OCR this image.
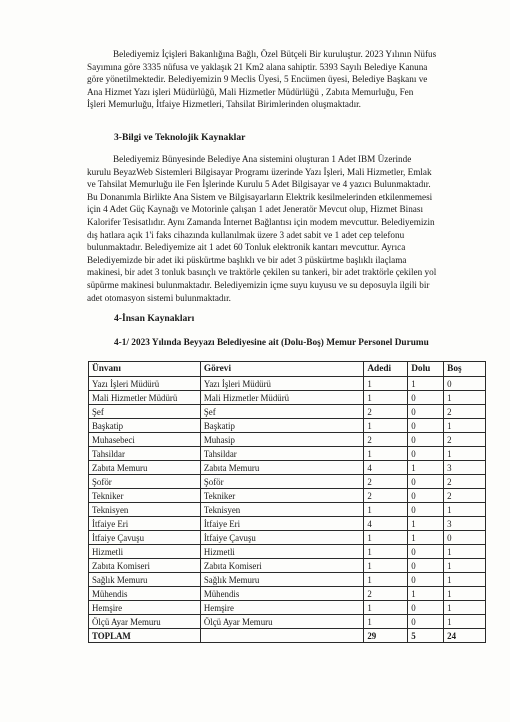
Belediyemiz İçişleri Bakanlığına Bağlı, Özel Bütçeli Bir kuruluştur. 2023 Yılının Nüfus
Sayımına göre 3335 nüfusa ve yaklaşık 21 Km2 alana sahiptir. 5393 Sayılı Belediye Kanuna
göre yönetilmektedir. Belediyemizin 9 Meclis Üyesi, 5 Encümen üyesi, Belediye Başkanı ve
Ana Hizmet Yazı işleri Müdürlüğü, Mali Hizmetler Müdürlüğü , Zabıta Memurluğu, Fen
İşleri Memurluğu, İtfaiye Hizmetleri, Tahsilat Birimlerinden oluşmaktadır.

3-Bilgi ve Teknolojik Kaynaklar

Belediyemiz Bünyesinde Belediye Ana sistemini oluşturan 1 Adet IBM Üzerinde
kurulu BeyazWeb Sistemleri Bilgisayar Programı üzerinde Yazı İşleri, Mali Hizmetler, Emlak
ve Tahsilat Memurluğu ile Fen İşlerinde Kurulu 5 Adet Bilgisayar ve 4 yazıcı Bulunmaktadır.
Bu Donanımla Birlikte Ana Sistem ve Bilgisayarların Elektrik kesilmelerinden etkilenmemesi
için 4 Adet Güç Kaynağı ve Motorinle çalışan 1 adet Jeneratör Mevcut olup, Hizmet Binası
Kalorifer Tesisatlıdır. Aynı Zamanda İnternet Bağlantısı için modem mevcuttur. Belediyemizin
dış hatlara açık 1'i faks cihazında kullanılmak üzere 3 adet sabit ve 1 adet cep telefonu
bulunmaktadır. Belediyemize ait 1 adet 60 Tonluk elektronik kantarı mevcuttur. Ayrıca
Belediyemizde bir adet iki püskürtme başlıklı ve bir adet 3 püskürtme başlıklı ilaçlama
makinesi, bir adet 3 tonluk basınçlı ve traktörle çekilen su tankeri, bir adet traktörle çekilen yol
süpürme makinesi bulunmaktadır. Belediyemizin içme suyu kuyusu ve su deposuyla ilgili bir
adet otomasyon sistemi bulunmaktadır.

4-İnsan Kaynakları
4-1/ 2023 Yılında Beyyazı Belediyesine ait (Dolu-Boş) Memur Personel Durumu
Ünvanı	Görevi	Adedi	Dolu	Boş
Yazı İşleri Müdürü	Yazı İşleri Müdürü	1	1	0
Mali Hizmetler Müdürü	Mali Hizmetler Müdürü	1	0	1
Şef	Şef	2	0	2
Başkatip	Başkatip	1	0	1
Muhasebeci	Muhasip	2	0	2
Tahsildar	Tahsildar	1	0	1
Zabıta Memuru	Zabıta Memuru	4	1	3
Şoför	Şoför	2	0	2
Tekniker	Tekniker	2	0	2
Teknisyen	Teknisyen	1	0	1
İtfaiye Eri	İtfaiye Eri	4	1	3
İtfaiye Çavuşu	İtfaiye Çavuşu	1	1	0
Hizmetli	Hizmetli	1	0	1
Zabıta Komiseri	Zabıta Komiseri	1	0	1
Sağlık Memuru	Sağlık Memuru	1	0	1
Mühendis	Mühendis	2	1	1
Hemşire	Hemşire	1	0	1
Ölçü Ayar Memuru	Ölçü Ayar Memuru	1	0	1
TOPLAM		29	5	24
